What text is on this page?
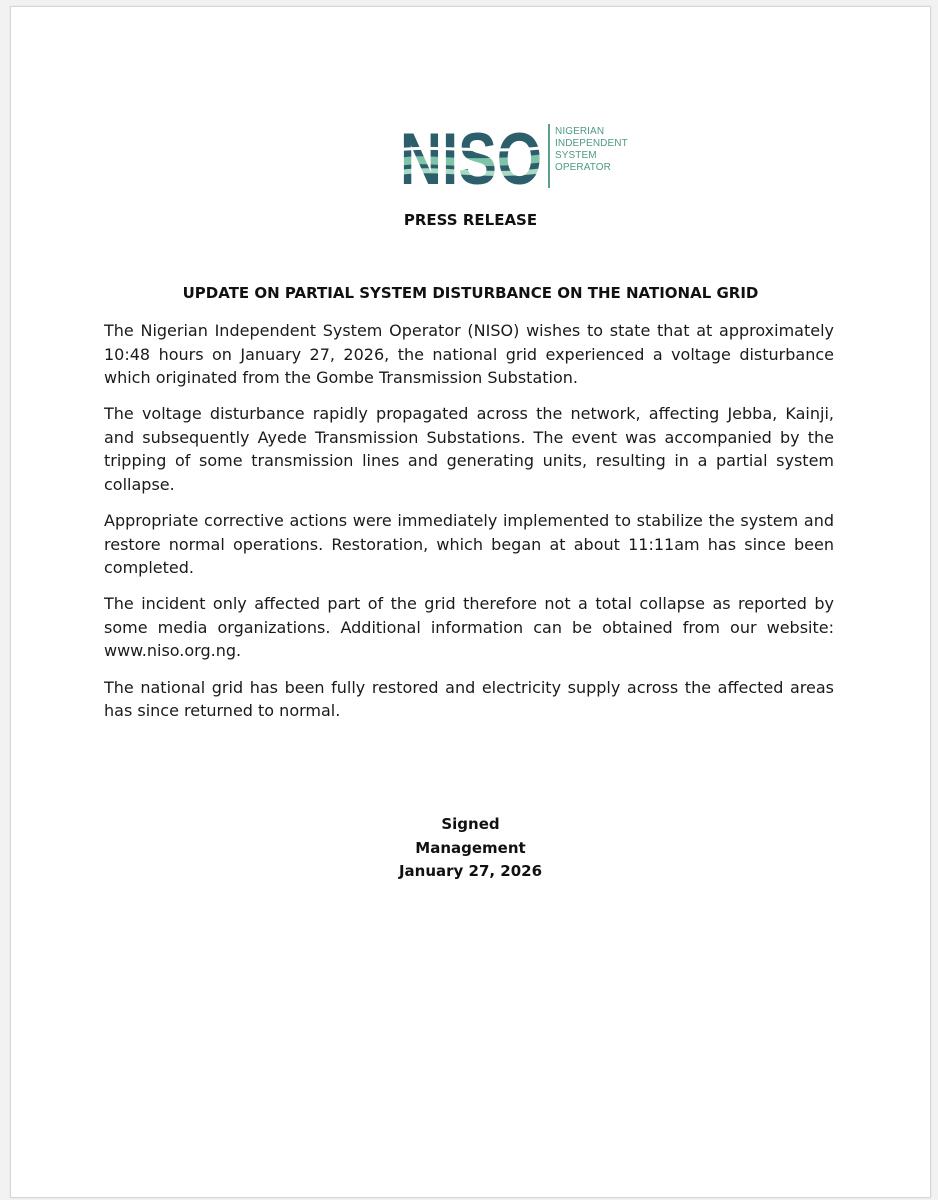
NIGERIAN
INDEPENDENT
SYSTEM
OPERATOR
PRESS RELEASE
UPDATE ON PARTIAL SYSTEM DISTURBANCE ON THE NATIONAL GRID

The Nigerian Independent System Operator (NISO) wishes to state that at approximately 10:48 hours on January 27, 2026, the national grid experienced a voltage disturbance which originated from the Gombe Transmission Substation.

The voltage disturbance rapidly propagated across the network, affecting Jebba, Kainji, and subsequently Ayede Transmission Substations. The event was accompanied by the tripping of some transmission lines and generating units, resulting in a partial system collapse.

Appropriate corrective actions were immediately implemented to stabilize the system and restore normal operations. Restoration, which began at about 11:11am has since been completed.

The incident only affected part of the grid therefore not a total collapse as reported by some media organizations. Additional information can be obtained from our website: www.niso.org.ng.

The national grid has been fully restored and electricity supply across the affected areas has since returned to normal.

Signed
Management
January 27, 2026
